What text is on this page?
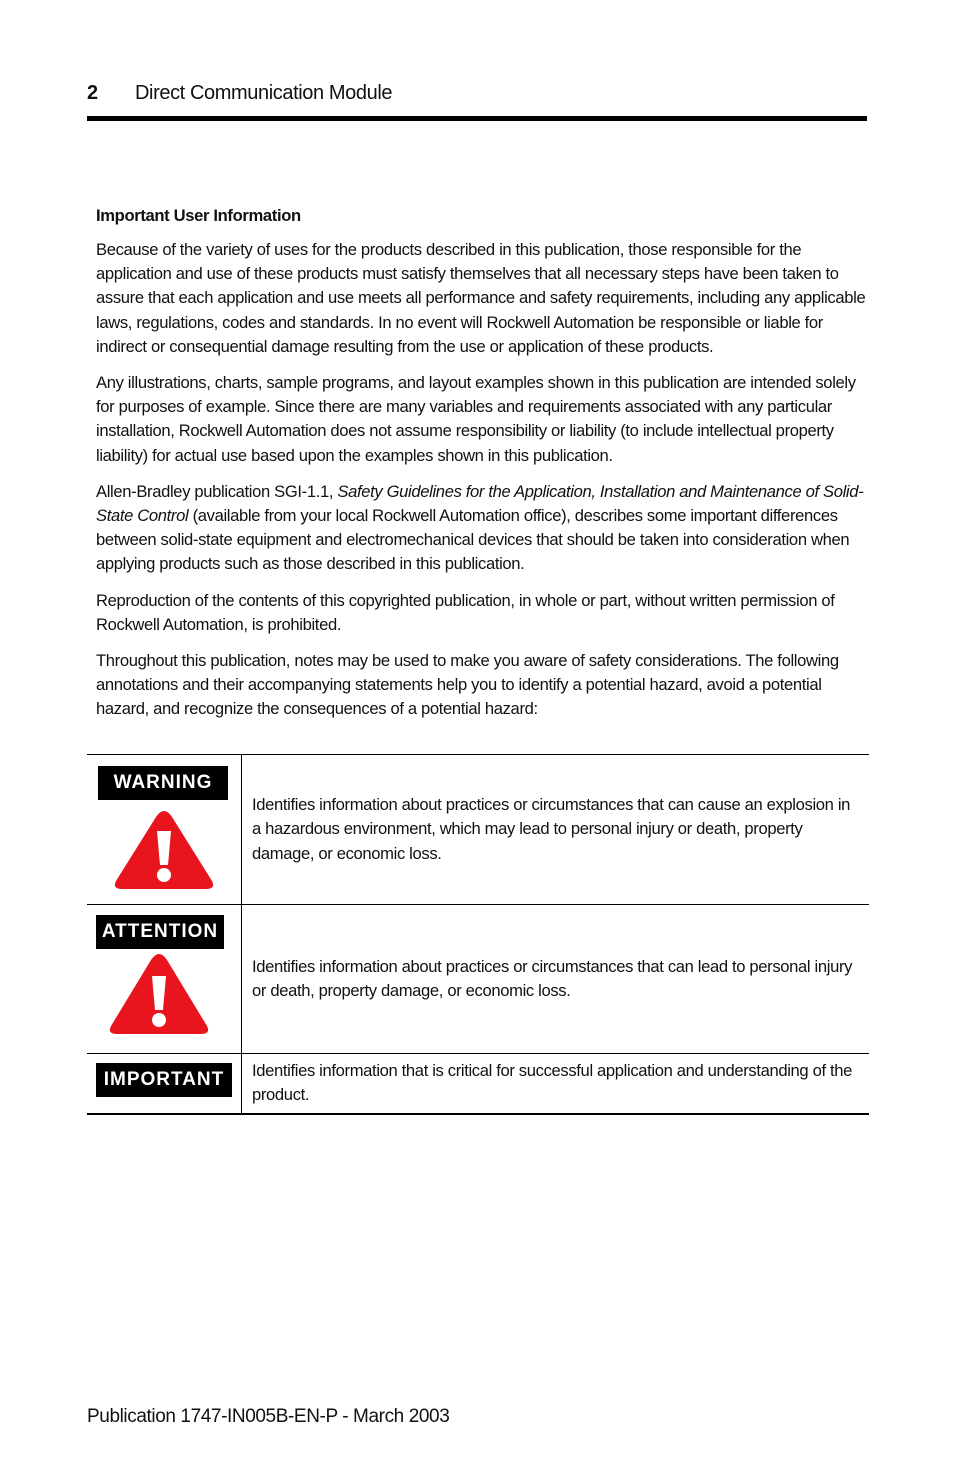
2 Direct Communication Module
Important User Information

Because of the variety of uses for the products described in this publication, those responsible for the application and use of these products must satisfy themselves that all necessary steps have been taken to assure that each application and use meets all performance and safety requirements, including any applicable laws, regulations, codes and standards. In no event will Rockwell Automation be responsible or liable for indirect or consequential damage resulting from the use or application of these products.

Any illustrations, charts, sample programs, and layout examples shown in this publication are intended solely for purposes of example. Since there are many variables and requirements associated with any particular installation, Rockwell Automation does not assume responsibility or liability (to include intellectual property liability) for actual use based upon the examples shown in this publication.

Allen-Bradley publication SGI-1.1, Safety Guidelines for the Application, Installation and Maintenance of Solid-State Control (available from your local Rockwell Automation office), describes some important differences between solid-state equipment and electromechanical devices that should be taken into consideration when applying products such as those described in this publication.

Reproduction of the contents of this copyrighted publication, in whole or part, without written permission of Rockwell Automation, is prohibited.

Throughout this publication, notes may be used to make you aware of safety considerations. The following annotations and their accompanying statements help you to identify a potential hazard, avoid a potential hazard, and recognize the consequences of a potential hazard:

WARNING	Identifies information about practices or circumstances that can cause an explosion in a hazardous environment, which may lead to personal injury or death, property damage, or economic loss.

ATTENTION	Identifies information about practices or circumstances that can lead to personal injury or death, property damage, or economic loss.

IMPORTANT	Identifies information that is critical for successful application and understanding of the product.
Publication 1747-IN005B-EN-P - March 2003
